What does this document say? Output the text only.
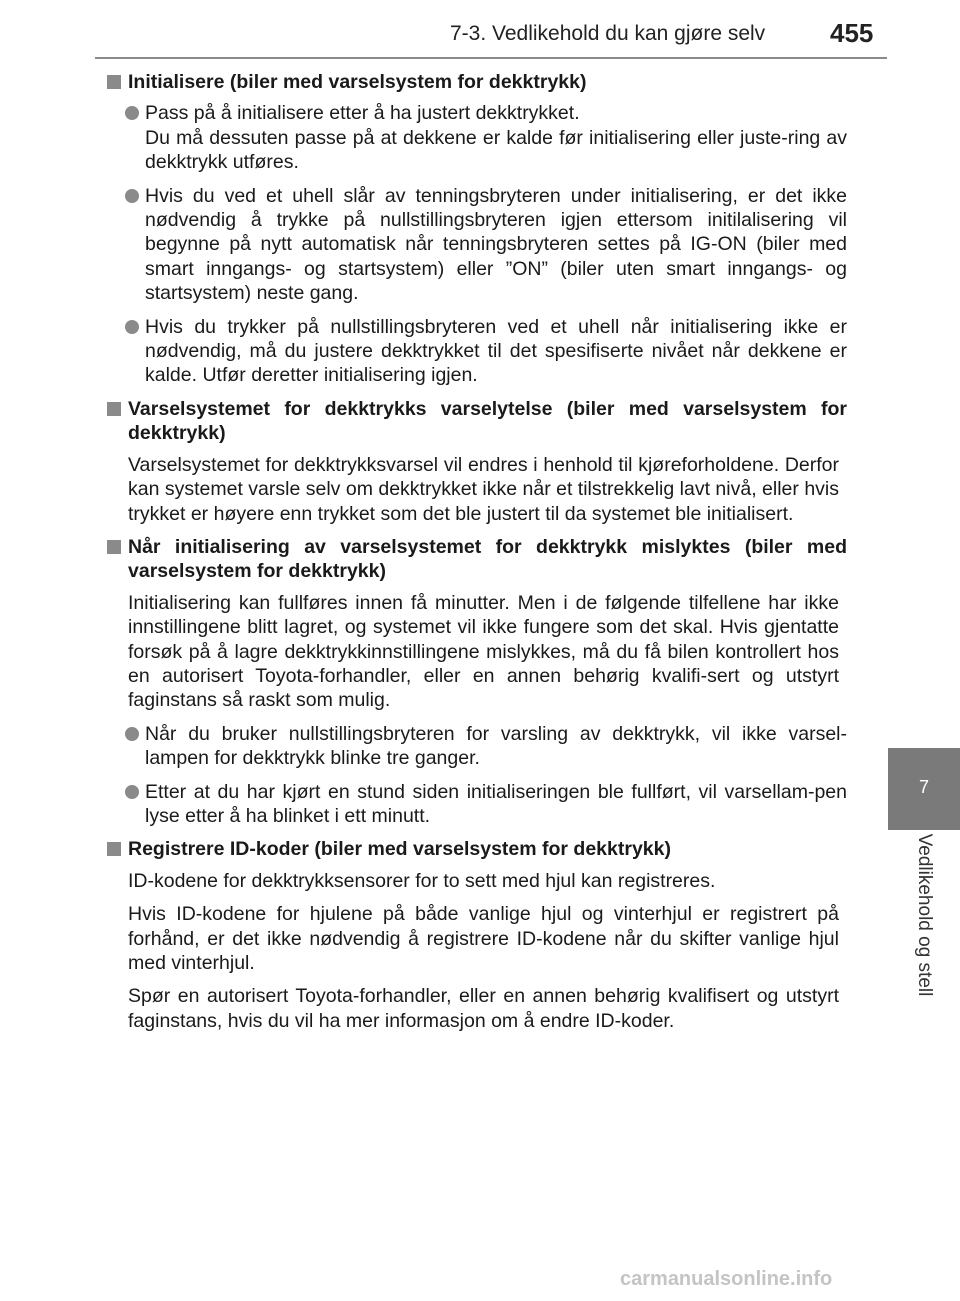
7-3. Vedlikehold du kan gjøre selv 455
7
Vedlikehold og stell
Initialisere (biler med varselsystem for dekktrykk)
Pass på å initialisere etter å ha justert dekktrykket.
Du må dessuten passe på at dekkene er kalde før initialisering eller juste-ring av dekktrykk utføres.
Hvis du ved et uhell slår av tenningsbryteren under initialisering, er det ikke nødvendig å trykke på nullstillingsbryteren igjen ettersom initilalisering vil begynne på nytt automatisk når tenningsbryteren settes på IG-ON (biler med smart inngangs- og startsystem) eller ”ON” (biler uten smart inngangs- og startsystem) neste gang.
Hvis du trykker på nullstillingsbryteren ved et uhell når initialisering ikke er nødvendig, må du justere dekktrykket til det spesifiserte nivået når dekkene er kalde. Utfør deretter initialisering igjen.
Varselsystemet for dekktrykks varselytelse (biler med varselsystem for dekktrykk)
Varselsystemet for dekktrykksvarsel vil endres i henhold til kjøreforholdene. Derfor kan systemet varsle selv om dekktrykket ikke når et tilstrekkelig lavt nivå, eller hvis trykket er høyere enn trykket som det ble justert til da systemet ble initialisert.
Når initialisering av varselsystemet for dekktrykk mislyktes (biler med varselsystem for dekktrykk)
Initialisering kan fullføres innen få minutter. Men i de følgende tilfellene har ikke innstillingene blitt lagret, og systemet vil ikke fungere som det skal. Hvis gjentatte forsøk på å lagre dekktrykkinnstillingene mislykkes, må du få bilen kontrollert hos en autorisert Toyota-forhandler, eller en annen behørig kvalifi-sert og utstyrt faginstans så raskt som mulig.
Når du bruker nullstillingsbryteren for varsling av dekktrykk, vil ikke varsel-lampen for dekktrykk blinke tre ganger.
Etter at du har kjørt en stund siden initialiseringen ble fullført, vil varsellam-pen lyse etter å ha blinket i ett minutt.
Registrere ID-koder (biler med varselsystem for dekktrykk)
ID-kodene for dekktrykksensorer for to sett med hjul kan registreres.
Hvis ID-kodene for hjulene på både vanlige hjul og vinterhjul er registrert på forhånd, er det ikke nødvendig å registrere ID-kodene når du skifter vanlige hjul med vinterhjul.
Spør en autorisert Toyota-forhandler, eller en annen behørig kvalifisert og utstyrt faginstans, hvis du vil ha mer informasjon om å endre ID-koder.
carmanualsonline.info
